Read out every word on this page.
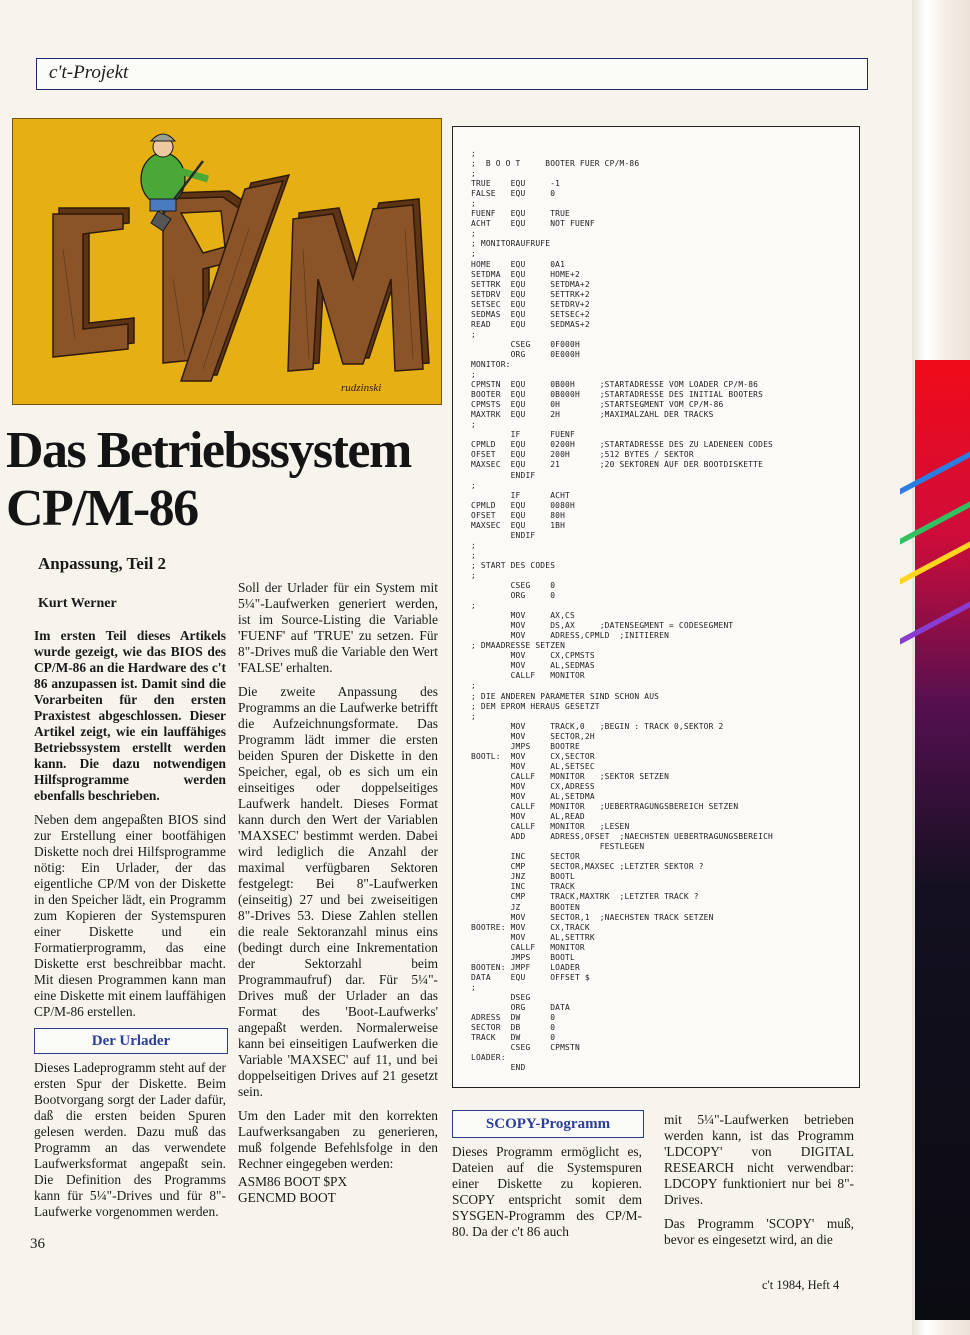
c't-Projekt
rudzinski
Das Betriebssystem
CP/M-86
Anpassung, Teil 2
Kurt Werner

Im ersten Teil dieses Artikels wurde gezeigt, wie das BIOS des CP/M-86 an die Hardware des c't 86 anzupassen ist. Damit sind die Vorarbeiten für den ersten Praxistest abgeschlossen. Dieser Artikel zeigt, wie ein lauffähiges Betriebssystem erstellt werden kann. Die dazu notwendigen Hilfsprogramme werden ebenfalls beschrieben.

Neben dem angepaßten BIOS sind zur Erstellung einer bootfähigen Diskette noch drei Hilfsprogramme nötig: Ein Urlader, der das eigentliche CP/M von der Diskette in den Speicher lädt, ein Programm zum Kopieren der Systemspuren einer Diskette und ein Formatierprogramm, das eine Diskette erst beschreibbar macht. Mit diesen Programmen kann man eine Diskette mit einem lauffähigen CP/M-86 erstellen.

Der Urlader

Dieses Ladeprogramm steht auf der ersten Spur der Diskette. Beim Bootvorgang sorgt der Lader dafür, daß die ersten beiden Spuren gelesen werden. Dazu muß das Programm an das verwendete Laufwerksformat angepaßt sein. Die Definition des Programms kann für 5¼"-Drives und für 8"-Laufwerke vorgenommen werden.

Soll der Urlader für ein System mit 5¼"-Laufwerken generiert werden, ist im Source-Listing die Variable 'FUENF' auf 'TRUE' zu setzen. Für 8"-Drives muß die Variable den Wert 'FALSE' erhalten.

Die zweite Anpassung des Programms an die Laufwerke betrifft die Aufzeichnungsformate. Das Programm lädt immer die ersten beiden Spuren der Diskette in den Speicher, egal, ob es sich um ein einseitiges oder doppelseitiges Laufwerk handelt. Dieses Format kann durch den Wert der Variablen 'MAXSEC' bestimmt werden. Dabei wird lediglich die Anzahl der maximal verfügbaren Sektoren festgelegt: Bei 8"-Laufwerken (einseitig) 27 und bei zweiseitigen 8"-Drives 53. Diese Zahlen stellen die reale Sektoranzahl minus eins (bedingt durch eine Inkrementation der Sektorzahl beim Programmaufruf) dar. Für 5¼"-Drives muß der Urlader an das Format des 'Boot-Laufwerks' angepaßt werden. Normalerweise kann bei einseitigen Laufwerken die Variable 'MAXSEC' auf 11, und bei doppelseitigen Drives auf 21 gesetzt sein.

Um den Lader mit den korrekten Laufwerksangaben zu generieren, muß folgende Befehlsfolge in den Rechner eingegeben werden:

ASM86 BOOT $PX
GENCMD BOOT
;
;  B O O T     BOOTER FUER CP/M-86
;
TRUE    EQU     -1
FALSE   EQU     0
;
FUENF   EQU     TRUE
ACHT    EQU     NOT FUENF
;
; MONITORAUFRUFE
;
HOME    EQU     0A1
SETDMA  EQU     HOME+2
SETTRK  EQU     SETDMA+2
SETDRV  EQU     SETTRK+2
SETSEC  EQU     SETDRV+2
SEDMAS  EQU     SETSEC+2
READ    EQU     SEDMAS+2
;
CSEG    0F000H
ORG     0E000H
MONITOR:
;
CPMSTN  EQU     0B00H     ;STARTADRESSE VOM LOADER CP/M-86
BOOTER  EQU     0B000H    ;STARTADRESSE DES INITIAL BOOTERS
CPMSTS  EQU     0H        ;STARTSEGMENT VOM CP/M-86
MAXTRK  EQU     2H        ;MAXIMALZAHL DER TRACKS
;
IF      FUENF
CPMLD   EQU     0200H     ;STARTADRESSE DES ZU LADENEEN CODES
OFSET   EQU     200H      ;512 BYTES / SEKTOR
MAXSEC  EQU     21        ;20 SEKTOREN AUF DER BOOTDISKETTE
ENDIF
;
IF      ACHT
CPMLD   EQU     0080H
OFSET   EQU     80H
MAXSEC  EQU     1BH
ENDIF
;
;
; START DES CODES
;
CSEG    0
ORG     0
;
MOV     AX,CS
MOV     DS,AX     ;DATENSEGMENT = CODESEGMENT
MOV     ADRESS,CPMLD  ;INITIEREN
; DMAADRESSE SETZEN
MOV     CX,CPMSTS
MOV     AL,SEDMAS
CALLF   MONITOR
;
; DIE ANDEREN PARAMETER SIND SCHON AUS
; DEM EPROM HERAUS GESETZT
;
MOV     TRACK,0   ;BEGIN : TRACK 0,SEKTOR 2
MOV     SECTOR,2H
JMPS    BOOTRE
BOOTL:  MOV     CX,SECTOR
MOV     AL,SETSEC
CALLF   MONITOR   ;SEKTOR SETZEN
MOV     CX,ADRESS
MOV     AL,SETDMA
CALLF   MONITOR   ;UEBERTRAGUNGSBEREICH SETZEN
MOV     AL,READ
CALLF   MONITOR   ;LESEN
ADD     ADRESS,OFSET  ;NAECHSTEN UEBERTRAGUNGSBEREICH
FESTLEGEN
INC     SECTOR
CMP     SECTOR,MAXSEC ;LETZTER SEKTOR ?
JNZ     BOOTL
INC     TRACK
CMP     TRACK,MAXTRK  ;LETZTER TRACK ?
JZ      BOOTEN
MOV     SECTOR,1  ;NAECHSTEN TRACK SETZEN
BOOTRE: MOV     CX,TRACK
MOV     AL,SETTRK
CALLF   MONITOR
JMPS    BOOTL
BOOTEN: JMPF    LOADER
DATA    EQU     OFFSET $
;
DSEG
ORG     DATA
ADRESS  DW      0
SECTOR  DB      0
TRACK   DW      0
CSEG    CPMSTN
LOADER:
END
SCOPY-Programm

Dieses Programm ermöglicht es, Dateien auf die Systemspuren einer Diskette zu kopieren. SCOPY entspricht somit dem SYSGEN-Programm des CP/M-80. Da der c't 86 auch

mit 5¼"-Laufwerken betrieben werden kann, ist das Programm 'LDCOPY' von DIGITAL RESEARCH nicht verwendbar: LDCOPY funktioniert nur bei 8"-Drives.

Das Programm 'SCOPY' muß, bevor es eingesetzt wird, an die

36
c't 1984, Heft 4
